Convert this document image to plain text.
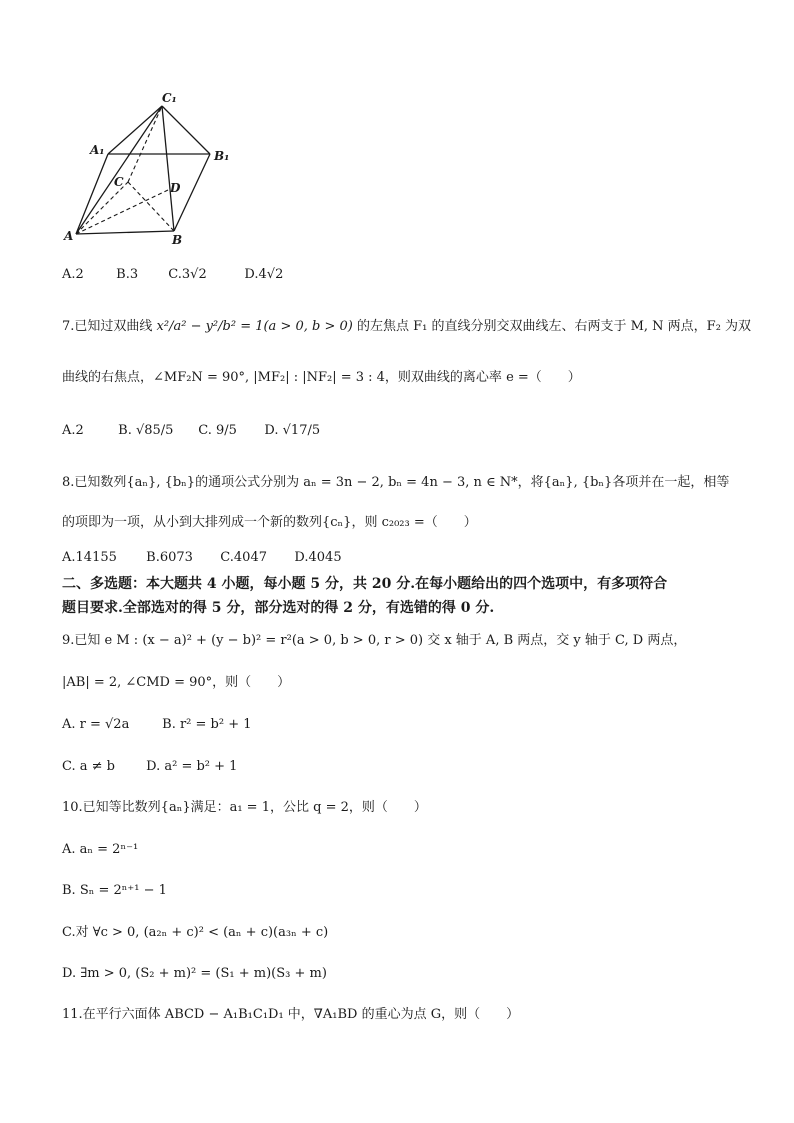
C₁
A₁	B₁
C	D
A	B
A.2 B.3 C.3√2	D.4√2
7.已知过双曲线 x²/a² − y²/b² = 1(a > 0, b > 0) 的左焦点 F₁ 的直线分别交双曲线左、右两支于 M, N 两点，F₂ 为双
曲线的右焦点，∠MF₂N = 90°, |MF₂| : |NF₂| = 3 : 4，则双曲线的离心率 e =（　　）
A.2	B. √85/5 C. 9/5 D. √17/5
8.已知数列{aₙ}, {bₙ}的通项公式分别为 aₙ = 3n − 2, bₙ = 4n − 3, n ∈ N*，将{aₙ}, {bₙ}各项并在一起，相等
的项即为一项，从小到大排列成一个新的数列{cₙ}，则 c₂₀₂₃ =（　　）
A.14155 B.6073 C.4047 D.4045
二、多选题：本大题共 4 小题，每小题 5 分，共 20 分.在每小题给出的四个选项中，有多项符合
题目要求.全部选对的得 5 分，部分选对的得 2 分，有选错的得 0 分.
9.已知 e M : (x − a)² + (y − b)² = r²(a > 0, b > 0, r > 0) 交 x 轴于 A, B 两点，交 y 轴于 C, D 两点，
|AB| = 2, ∠CMD = 90°，则（　　）
A. r = √2a	B. r² = b² + 1
C. a ≠ b D. a² = b² + 1
10.已知等比数列{aₙ}满足：a₁ = 1，公比 q = 2，则（　　）
A. aₙ = 2ⁿ⁻¹
B. Sₙ = 2ⁿ⁺¹ − 1
C.对 ∀c > 0, (a₂ₙ + c)² < (aₙ + c)(a₃ₙ + c)
D. ∃m > 0, (S₂ + m)² = (S₁ + m)(S₃ + m)
11.在平行六面体 ABCD − A₁B₁C₁D₁ 中，∇A₁BD 的重心为点 G，则（　　）
